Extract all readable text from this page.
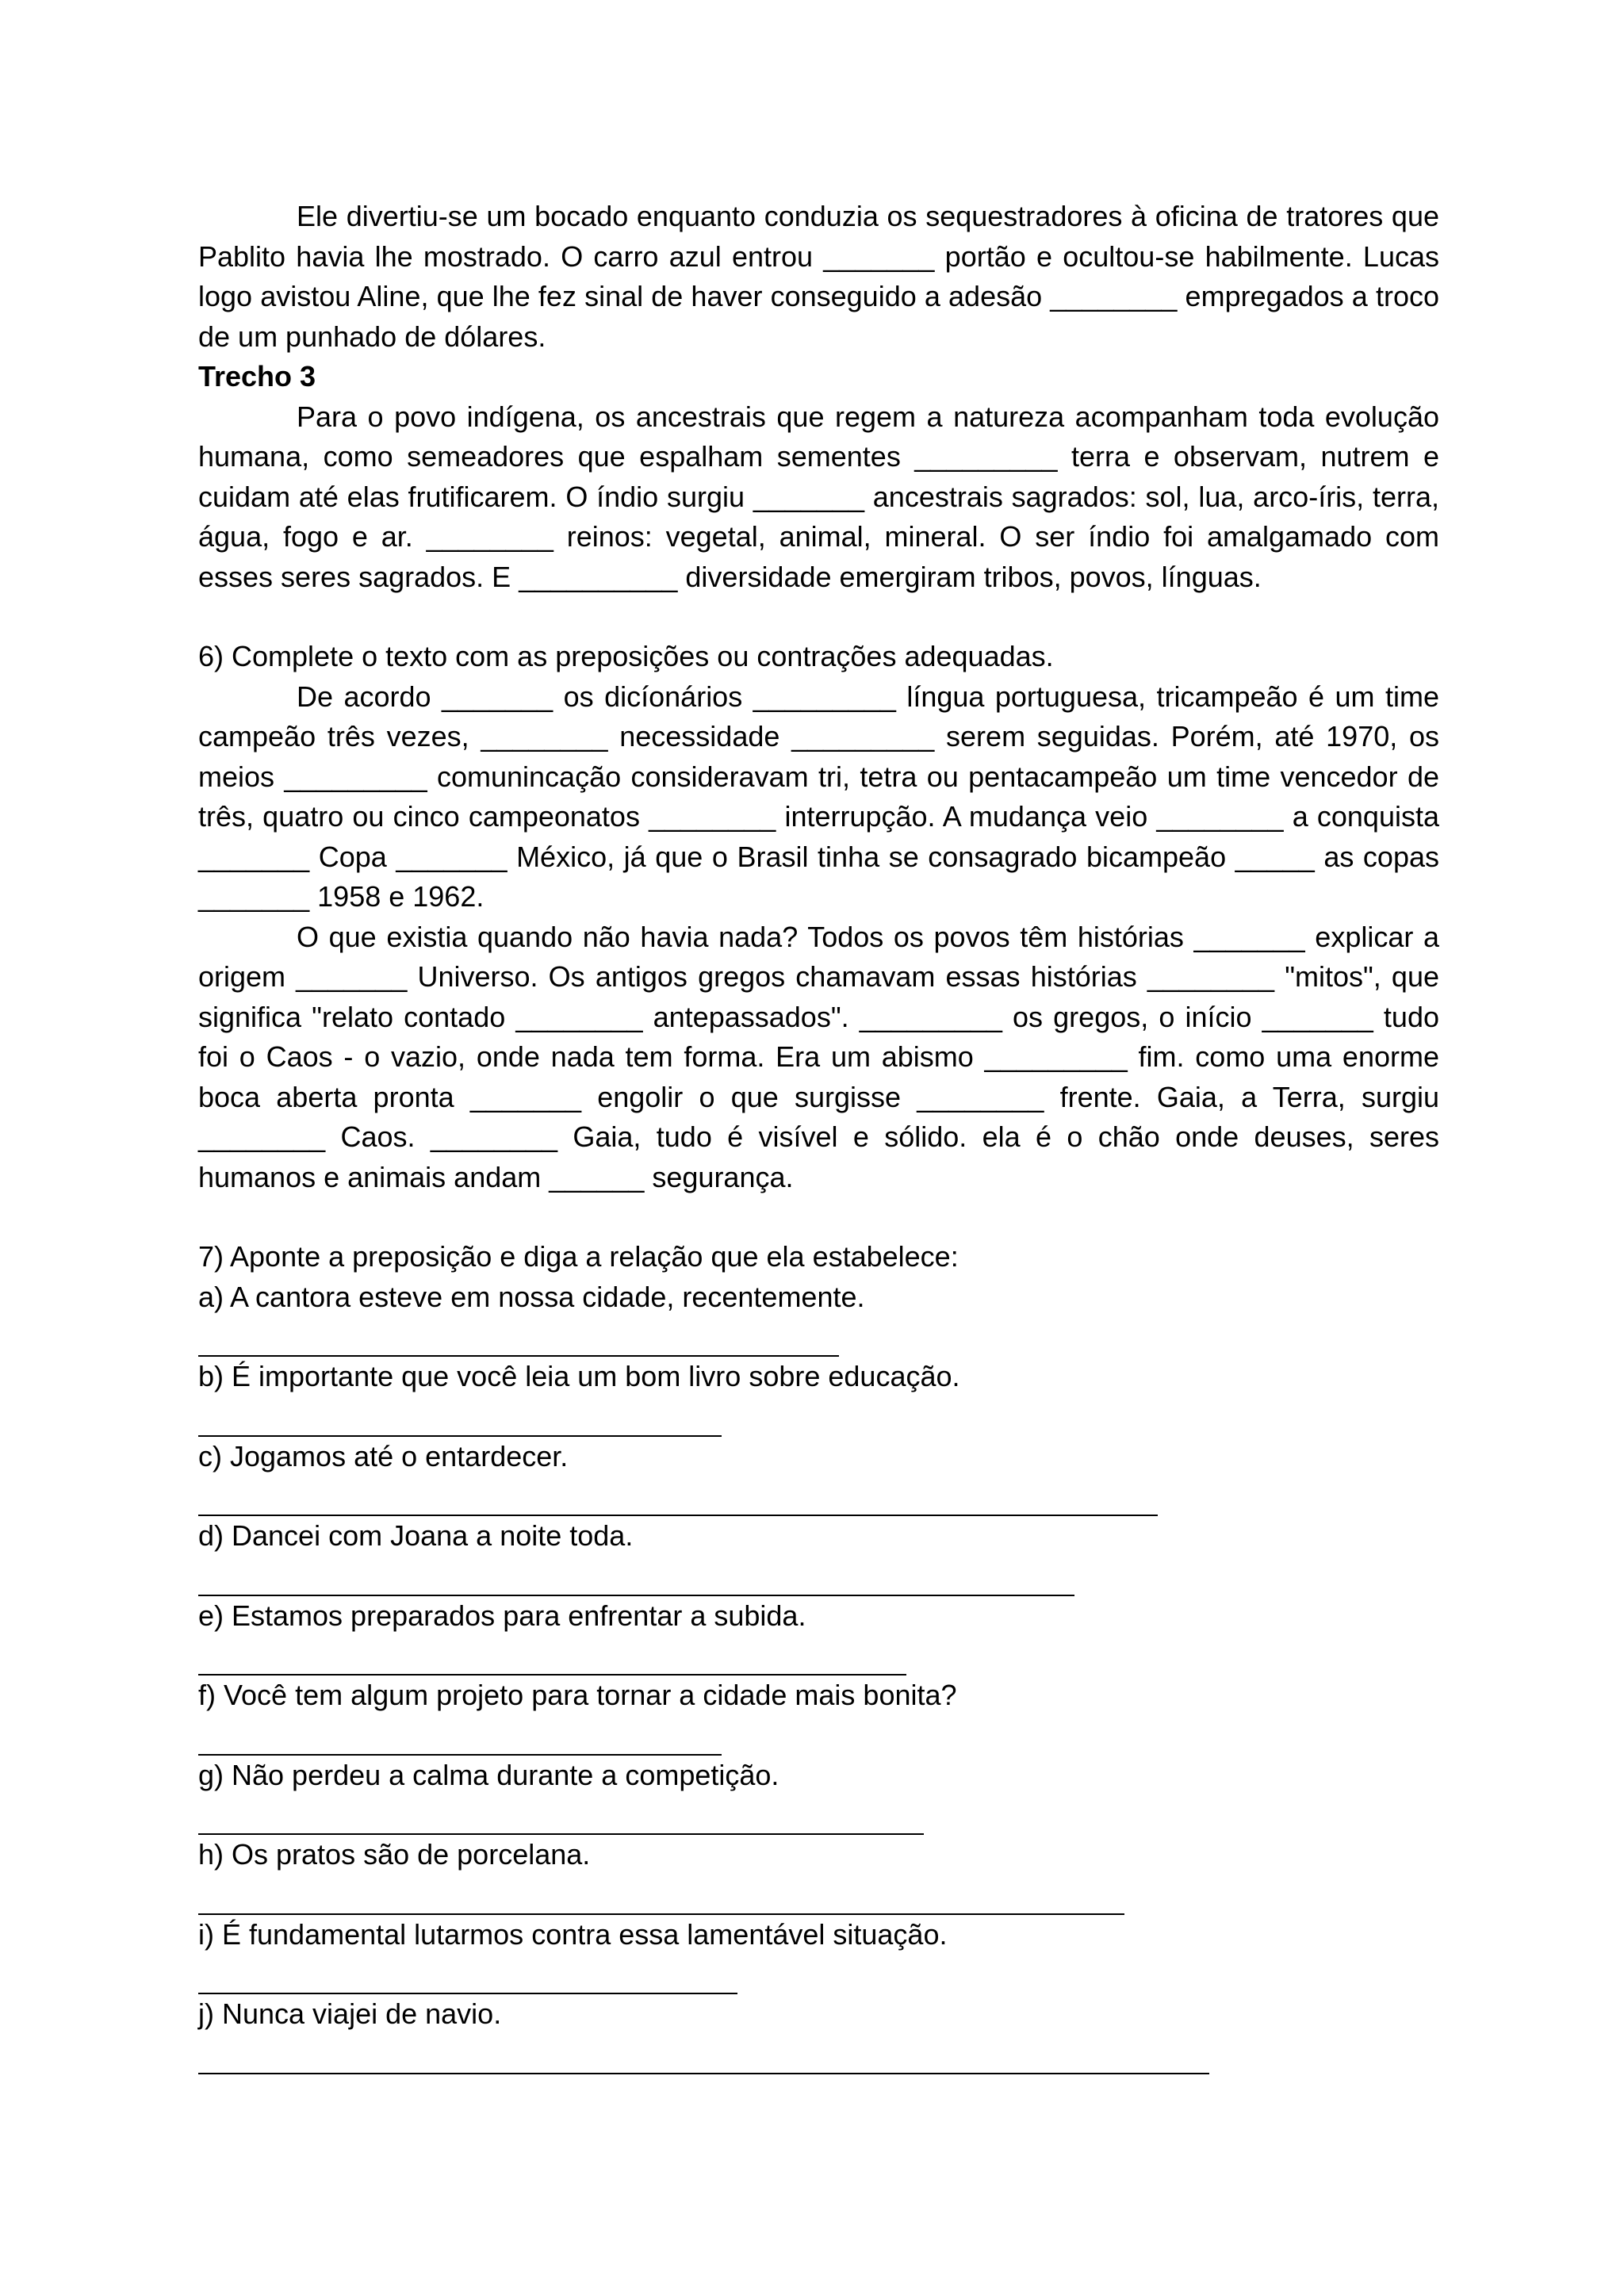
Ele divertiu-se um bocado enquanto conduzia os sequestradores à oficina de tratores que Pablito havia lhe mostrado. O carro azul entrou _______ portão e ocultou-se habilmente. Lucas logo avistou Aline, que lhe fez sinal de haver conseguido a adesão ________ empregados a troco de um punhado de dólares.

Trecho 3

Para o povo indígena, os ancestrais que regem a natureza acompanham toda evolução humana, como semeadores que espalham sementes _________ terra e observam, nutrem e cuidam até elas frutificarem. O índio surgiu _______ ancestrais sagrados: sol, lua, arco-íris, terra, água, fogo e ar. ________ reinos: vegetal, animal, mineral. O ser índio foi amalgamado com esses seres sagrados. E __________ diversidade emergiram tribos, povos, línguas.

6) Complete o texto com as preposições ou contrações adequadas.

De acordo _______ os dicíonários _________ língua portuguesa, tricampeão é um time campeão três vezes, ________ necessidade _________ serem seguidas. Porém, até 1970, os meios _________ comunincação consideravam tri, tetra ou pentacampeão um time vencedor de três, quatro ou cinco campeonatos ________ interrupção. A mudança veio ________ a conquista _______ Copa _______ México, já que o Brasil tinha se consagrado bicampeão _____ as copas _______ 1958 e 1962.

O que existia quando não havia nada? Todos os povos têm histórias _______ explicar a origem _______ Universo. Os antigos gregos chamavam essas histórias ________ "mitos", que significa "relato contado ________ antepassados". _________ os gregos, o início _______ tudo foi o Caos - o vazio, onde nada tem forma. Era um abismo _________ fim. como uma enorme boca aberta pronta _______ engolir o que surgisse ________ frente. Gaia, a Terra, surgiu ________ Caos. ________ Gaia, tudo é visível e sólido. ela é o chão onde deuses, seres humanos e animais andam ______ segurança.

7) Aponte a preposição e diga a relação que ela estabelece:

a) A cantora esteve em nossa cidade, recentemente.

b) É importante que você leia um bom livro sobre educação.

c) Jogamos até o entardecer.

d) Dancei com Joana a noite toda.

e) Estamos preparados para enfrentar a subida.

f) Você tem algum projeto para tornar a cidade mais bonita?

g) Não perdeu a calma durante a competição.

h) Os pratos são de porcelana.

i) É fundamental lutarmos contra essa lamentável situação.

j) Nunca viajei de navio.
